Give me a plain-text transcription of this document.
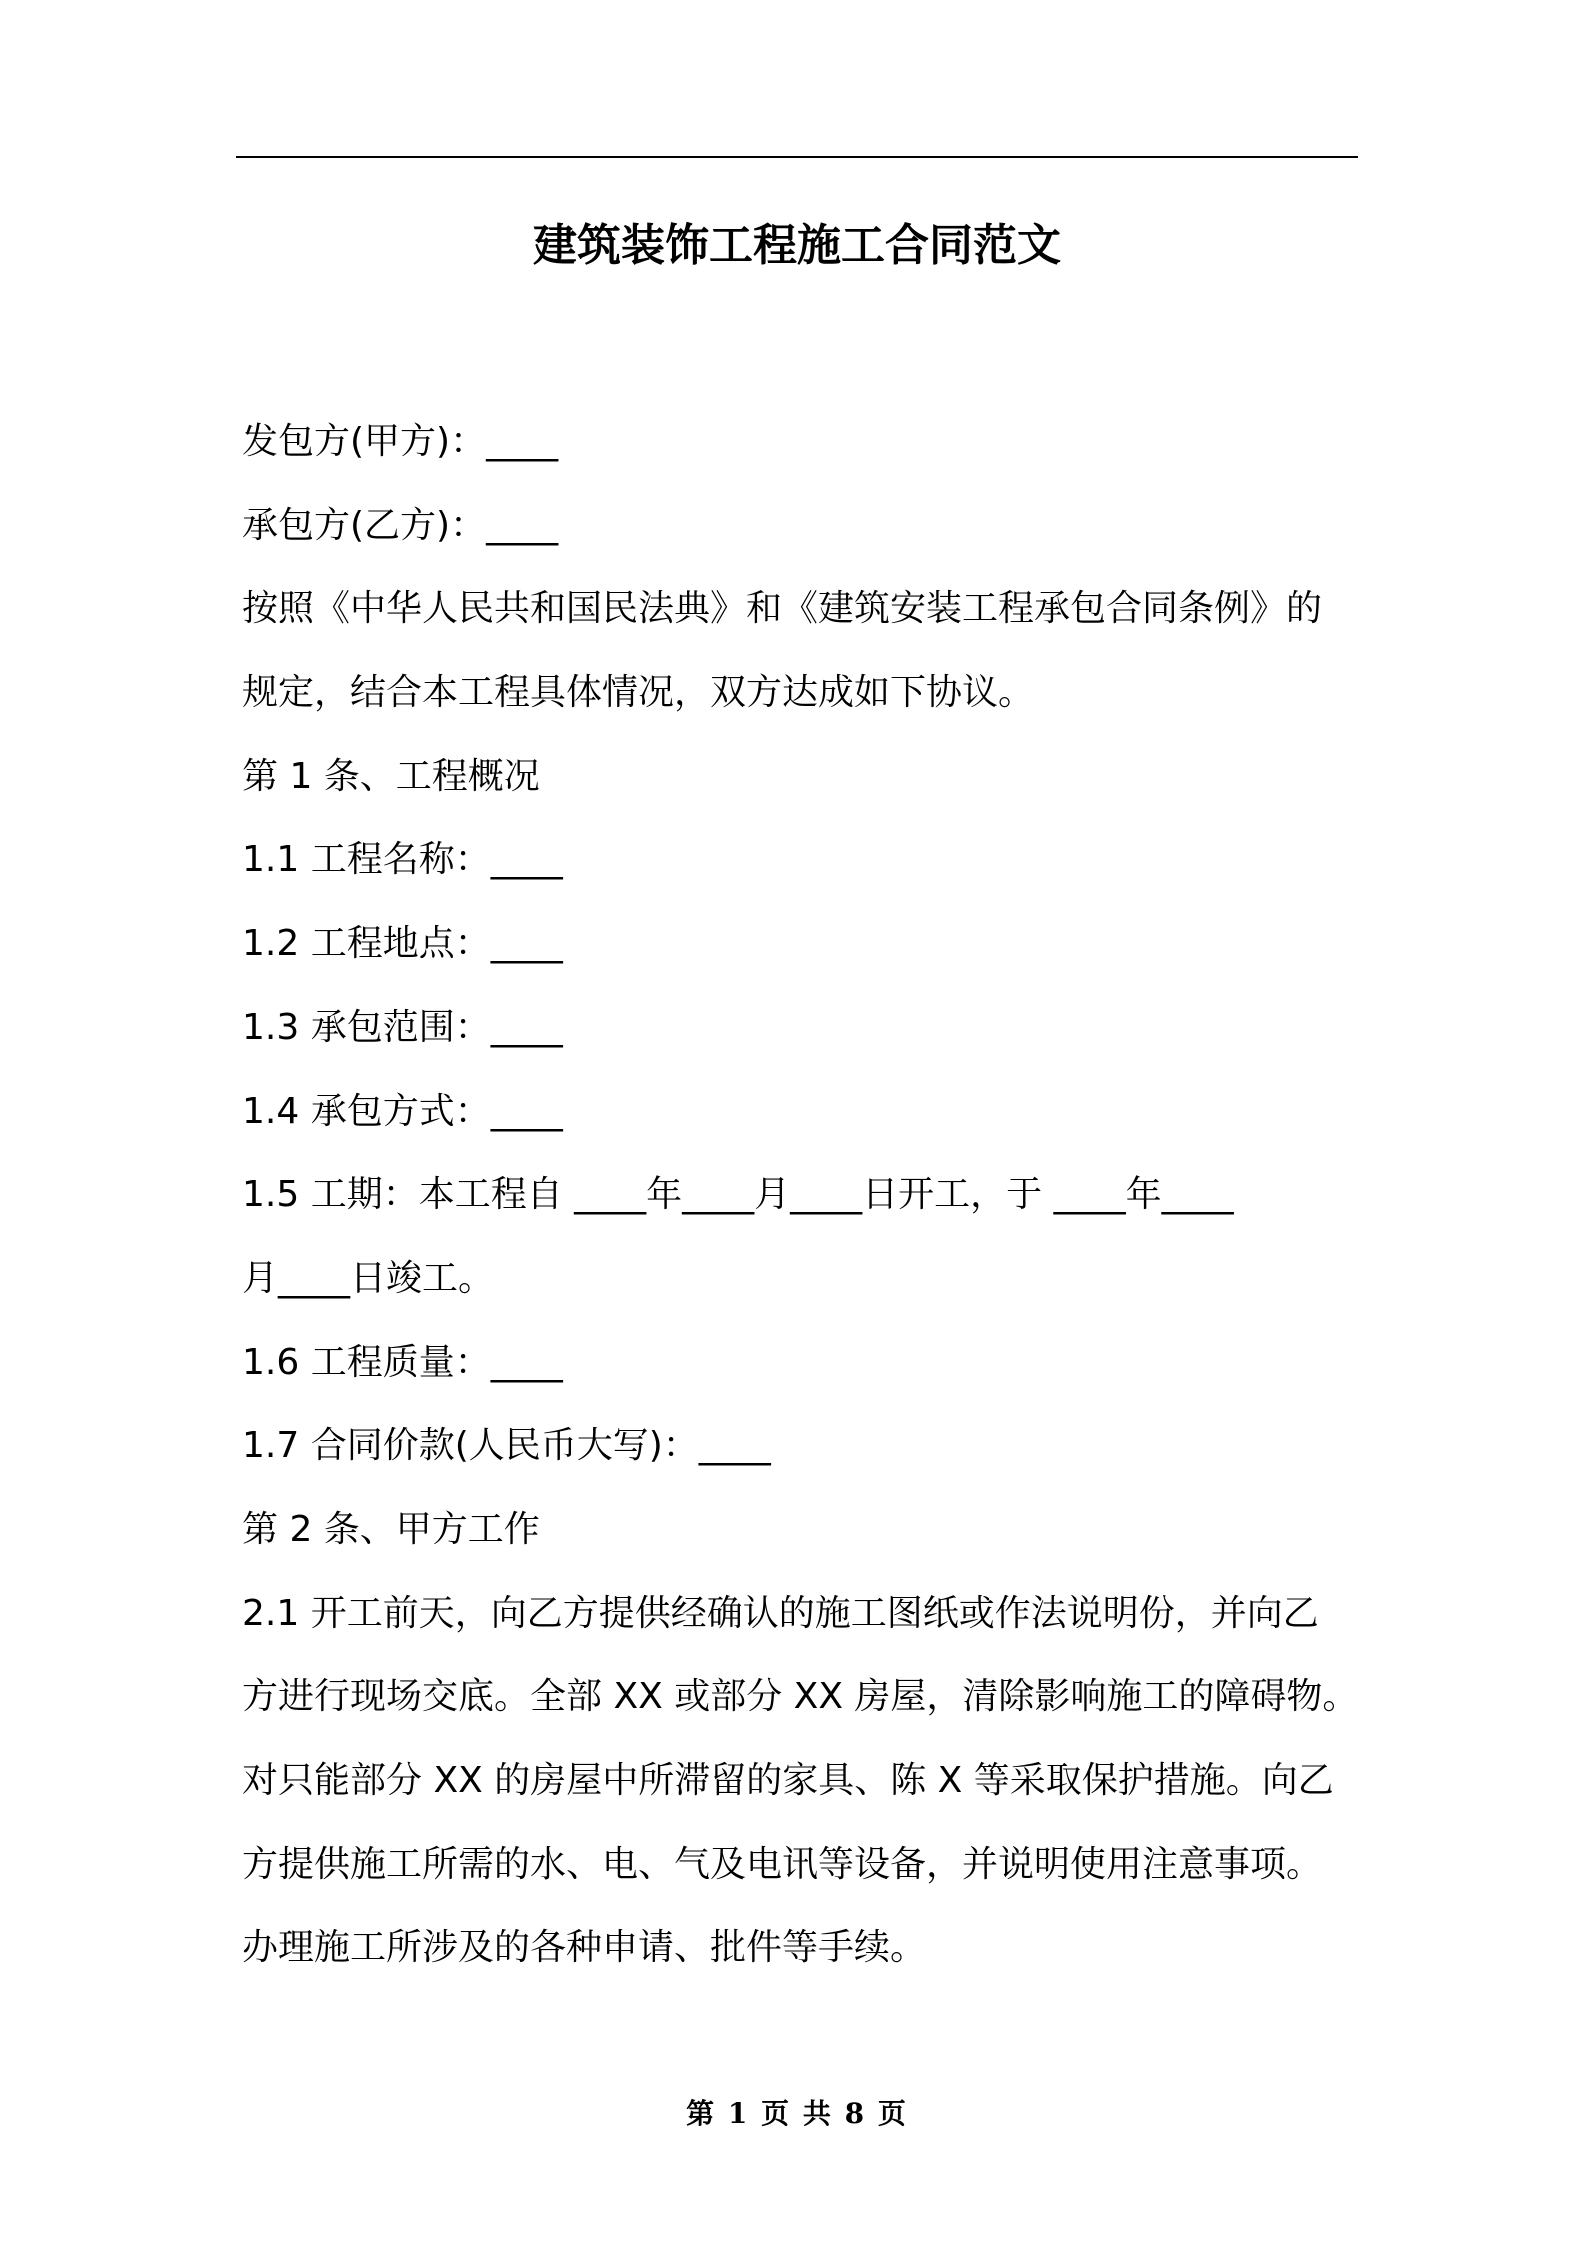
建筑装饰工程施工合同范文

发包方(甲方)：____

承包方(乙方)：____

按照《中华人民共和国民法典》和《建筑安装工程承包合同条例》的

规定，结合本工程具体情况，双方达成如下协议。

第 1 条、工程概况

1.1 工程名称：____

1.2 工程地点：____

1.3 承包范围：____

1.4 承包方式：____

1.5 工期：本工程自 ____年____月____日开工，于 ____年____

月____日竣工。

1.6 工程质量：____

1.7 合同价款(人民币大写)：____

第 2 条、甲方工作

2.1 开工前天，向乙方提供经确认的施工图纸或作法说明份，并向乙

方进行现场交底。全部 XX 或部分 XX 房屋，清除影响施工的障碍物。

对只能部分 XX 的房屋中所滞留的家具、陈 X 等采取保护措施。向乙

方提供施工所需的水、电、气及电讯等设备，并说明使用注意事项。

办理施工所涉及的各种申请、批件等手续。

第 1 页 共 8 页
